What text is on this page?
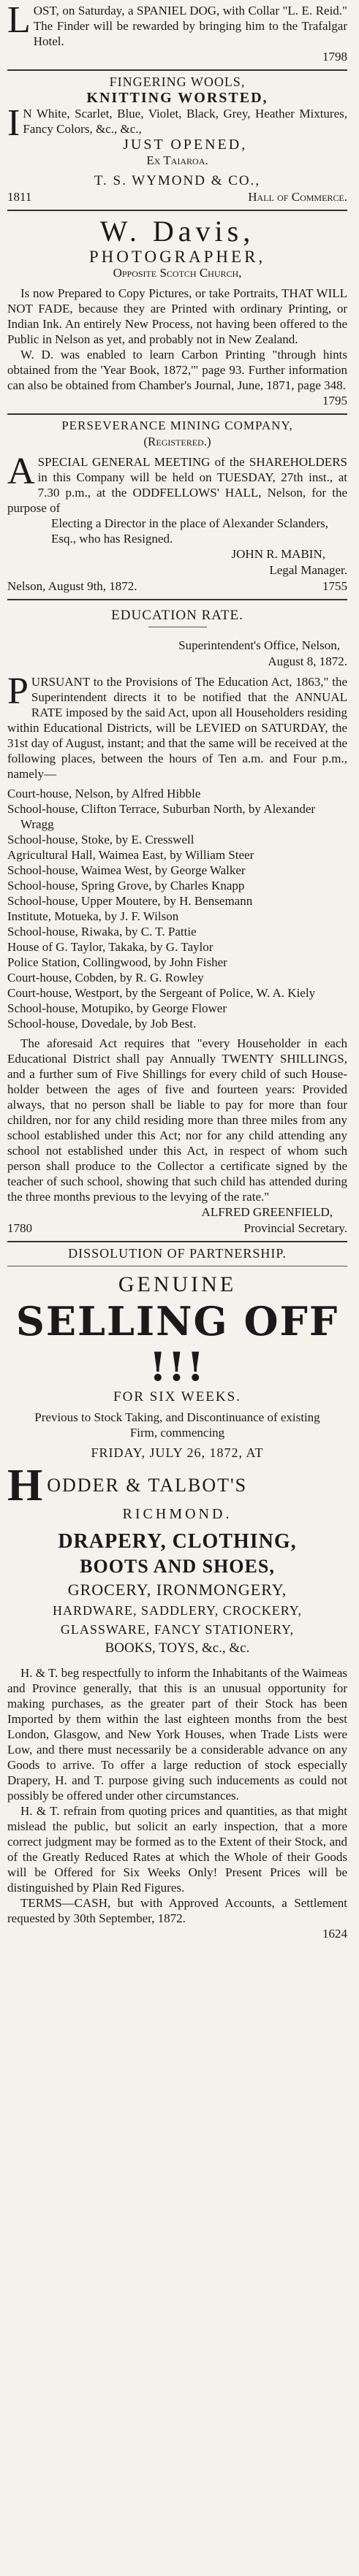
LOST, on Saturday, a SPANIEL DOG, with Collar "L. E. Reid." The Finder will be rewarded by bringing him to the Trafalgar Hotel.

1798

FINGERING WOOLS,

KNITTING WORSTED,

I N White, Scarlet, Blue, Violet, Black, Grey, Heather Mixtures, Fancy Colors, &c., &c.,

JUST OPENED,

Ex Taiaroa.

T. S. WYMOND & CO.,

1811	Hall of Commerce.

W. Davis,

PHOTOGRAPHER,

Opposite Scotch Church,

Is now Prepared to Copy Pictures, or take Portraits, THAT WILL NOT FADE, because they are Printed with ordinary Printing, or Indian Ink. An entirely New Process, not having been offered to the Public in Nelson as yet, and probably not in New Zealand.

W. D. was enabled to learn Carbon Printing "through hints obtained from the 'Year Book, 1872,'" page 93. Further information can also be obtained from Chamber's Journal, June, 1871, page 348.

1795

PERSEVERANCE MINING COMPANY,

(Registered.)

ASPECIAL GENERAL MEETING of the SHAREHOLDERS in this Company will be held on TUESDAY, 27th inst., at 7.30 p.m., at the ODDFELLOWS' HALL, Nelson, for the purpose of

Electing a Director in the place of Alexander Sclanders, Esq., who has Resigned.

JOHN R. MABIN,

Legal Manager.

Nelson, August 9th, 1872.	1755

EDUCATION RATE.

Superintendent's Office, Nelson,

August 8, 1872.

PURSUANT to the Provisions of The Education Act, 1863," the Superintendent directs it to be notified that the ANNUAL RATE imposed by the said Act, upon all Householders residing within Educational Districts, will be LEVIED on SATURDAY, the 31st day of August, instant; and that the same will be received at the following places, between the hours of Ten a.m. and Four p.m., namely—

Court-house, Nelson, by Alfred Hibble

School-house, Clifton Terrace, Suburban North, by Alexander Wragg

School-house, Stoke, by E. Cresswell

Agricultural Hall, Waimea East, by William Steer

School-house, Waimea West, by George Walker

School-house, Spring Grove, by Charles Knapp

School-house, Upper Moutere, by H. Bensemann

Institute, Motueka, by J. F. Wilson

School-house, Riwaka, by C. T. Pattie

House of G. Taylor, Takaka, by G. Taylor

Police Station, Collingwood, by John Fisher

Court-house, Cobden, by R. G. Rowley

Court-house, Westport, by the Sergeant of Police, W. A. Kiely

School-house, Motupiko, by George Flower

School-house, Dovedale, by Job Best.

The aforesaid Act requires that "every Householder in each Educational District shall pay Annually TWENTY SHILLINGS, and a further sum of Five Shillings for every child of such House-holder between the ages of five and fourteen years: Provided always, that no person shall be liable to pay for more than four children, nor for any child residing more than three miles from any school established under this Act; nor for any child attending any school not established under this Act, in respect of whom such person shall produce to the Collector a certificate signed by the teacher of such school, showing that such child has attended during the three months previous to the levying of the rate."

ALFRED GREENFIELD,

1780	Provincial Secretary.

DISSOLUTION OF PARTNERSHIP.

GENUINE

SELLING OFF !!!

FOR SIX WEEKS.

Previous to Stock Taking, and Discontinuance of existing Firm, commencing

FRIDAY, JULY 26, 1872, AT

HODDER & TALBOT'S

RICHMOND.

DRAPERY, CLOTHING,

BOOTS AND SHOES,

GROCERY, IRONMONGERY,

HARDWARE, SADDLERY, CROCKERY,

GLASSWARE, FANCY STATIONERY,

BOOKS, TOYS, &c., &c.

H. & T. beg respectfully to inform the Inhabitants of the Waimeas and Province generally, that this is an unusual opportunity for making purchases, as the greater part of their Stock has been Imported by them within the last eighteen months from the best London, Glasgow, and New York Houses, when Trade Lists were Low, and there must necessarily be a considerable advance on any Goods to arrive. To offer a large reduction of stock especially Drapery, H. and T. purpose giving such inducements as could not possibly be offered under other circumstances.

H. & T. refrain from quoting prices and quantities, as that might mislead the public, but solicit an early inspection, that a more correct judgment may be formed as to the Extent of their Stock, and of the Greatly Reduced Rates at which the Whole of their Goods will be Offered for Six Weeks Only! Present Prices will be distinguished by Plain Red Figures.

TERMS—CASH, but with Approved Accounts, a Settlement requested by 30th September, 1872.

1624
